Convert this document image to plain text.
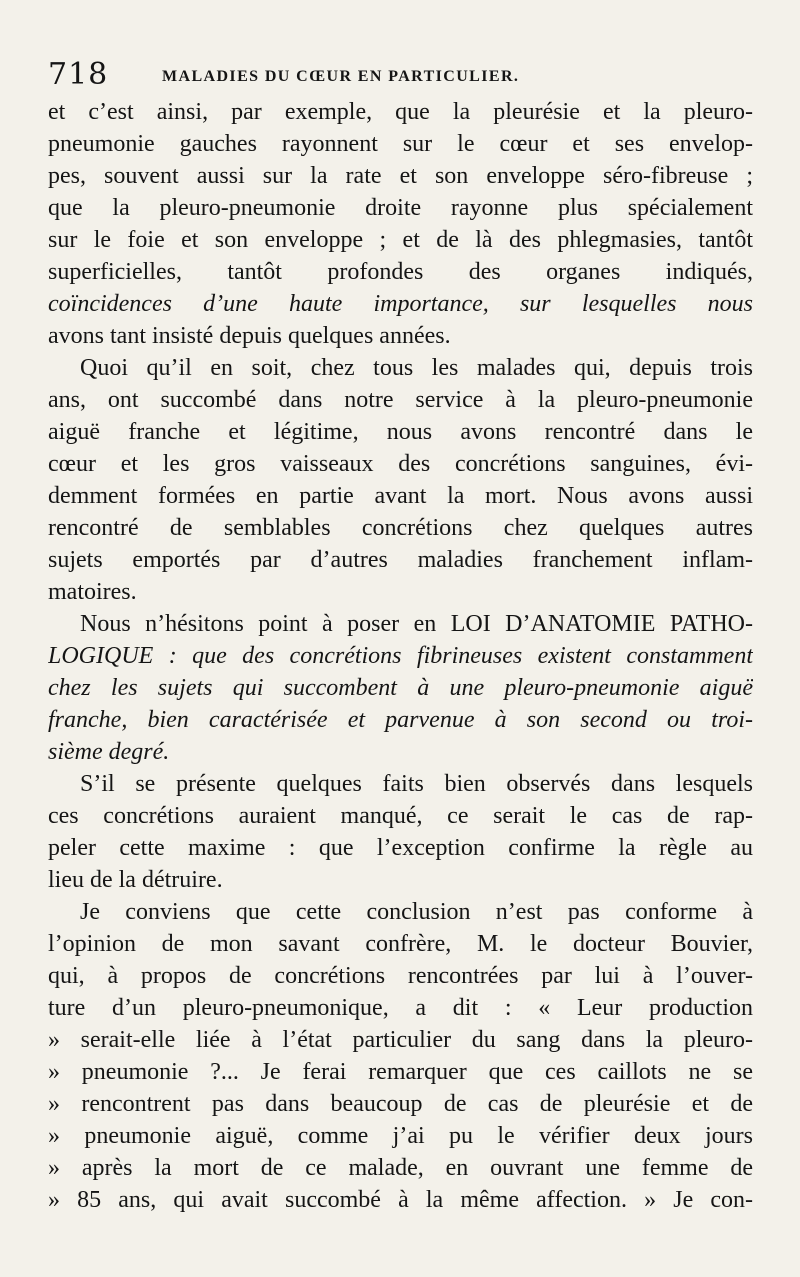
718	MALADIES DU CŒUR EN PARTICULIER.
et c’est ainsi, par exemple, que la pleurésie et la pleuro-
pneumonie gauches rayonnent sur le cœur et ses envelop-
pes, souvent aussi sur la rate et son enveloppe séro-fibreuse ;
que la pleuro-pneumonie droite rayonne plus spécialement
sur le foie et son enveloppe ; et de là des phlegmasies, tantôt
superficielles, tantôt profondes des organes indiqués,
coïncidences d’une haute importance, sur lesquelles nous
avons tant insisté depuis quelques années.
Quoi qu’il en soit, chez tous les malades qui, depuis trois
ans, ont succombé dans notre service à la pleuro-pneumonie
aiguë franche et légitime, nous avons rencontré dans le
cœur et les gros vaisseaux des concrétions sanguines, évi-
demment formées en partie avant la mort. Nous avons aussi
rencontré de semblables concrétions chez quelques autres
sujets emportés par d’autres maladies franchement inflam-
matoires.
Nous n’hésitons point à poser en LOI D’ANATOMIE PATHO-
LOGIQUE : que des concrétions fibrineuses existent constamment
chez les sujets qui succombent à une pleuro-pneumonie aiguë
franche, bien caractérisée et parvenue à son second ou troi-
sième degré.
S’il se présente quelques faits bien observés dans lesquels
ces concrétions auraient manqué, ce serait le cas de rap-
peler cette maxime : que l’exception confirme la règle au
lieu de la détruire.
Je conviens que cette conclusion n’est pas conforme à
l’opinion de mon savant confrère, M. le docteur Bouvier,
qui, à propos de concrétions rencontrées par lui à l’ouver-
ture d’un pleuro-pneumonique, a dit : « Leur production
» serait-elle liée à l’état particulier du sang dans la pleuro-
» pneumonie ?... Je ferai remarquer que ces caillots ne se
» rencontrent pas dans beaucoup de cas de pleurésie et de
» pneumonie aiguë, comme j’ai pu le vérifier deux jours
» après la mort de ce malade, en ouvrant une femme de
» 85 ans, qui avait succombé à la même affection. » Je con-
